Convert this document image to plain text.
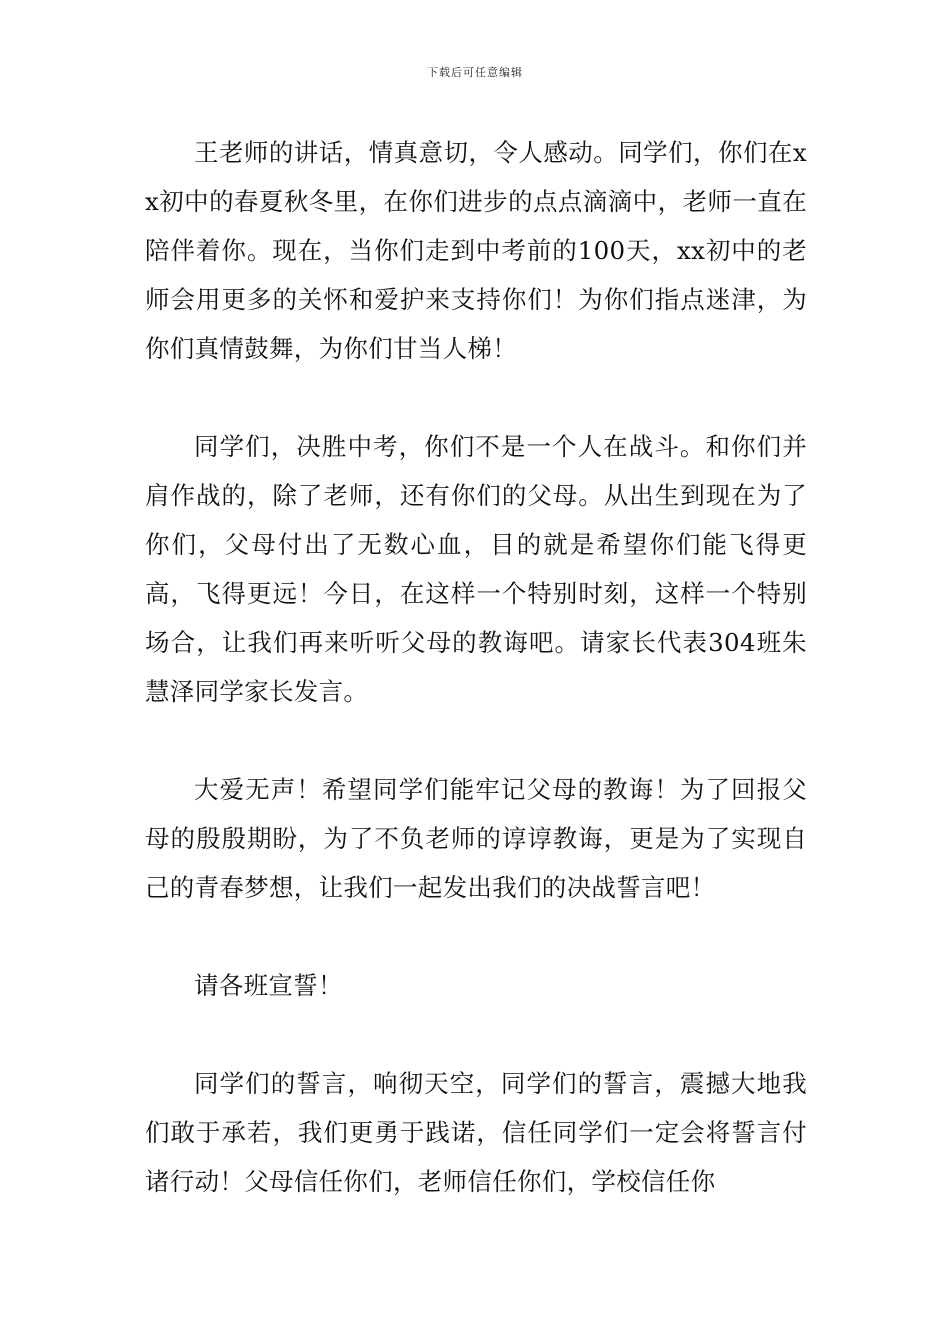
下载后可任意编辑

王老师的讲话，情真意切，令人感动。同学们，你们在xx初中的春夏秋冬里，在你们进步的点点滴滴中，老师一直在陪伴着你。现在，当你们走到中考前的100天，xx初中的老师会用更多的关怀和爱护来支持你们！为你们指点迷津，为你们真情鼓舞，为你们甘当人梯！

同学们，决胜中考，你们不是一个人在战斗。和你们并肩作战的，除了老师，还有你们的父母。从出生到现在为了你们，父母付出了无数心血，目的就是希望你们能飞得更高，飞得更远！今日，在这样一个特别时刻，这样一个特别场合，让我们再来听听父母的教诲吧。请家长代表304班朱慧泽同学家长发言。

大爱无声！希望同学们能牢记父母的教诲！为了回报父母的殷殷期盼，为了不负老师的谆谆教诲，更是为了实现自己的青春梦想，让我们一起发出我们的决战誓言吧！

请各班宣誓！

同学们的誓言，响彻天空，同学们的誓言，震撼大地我们敢于承若，我们更勇于践诺，信任同学们一定会将誓言付诸行动！父母信任你们，老师信任你们，学校信任你
